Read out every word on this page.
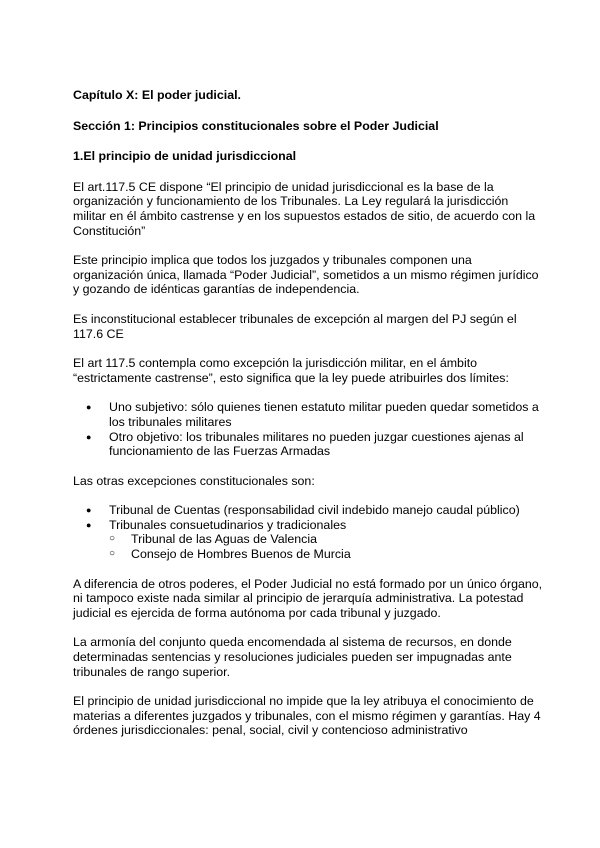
Capítulo X: El poder judicial.
Sección 1: Principios constitucionales sobre el Poder Judicial
1.El principio de unidad jurisdiccional

El art.117.5 CE dispone “El principio de unidad jurisdiccional es la base de la organización y funcionamiento de los Tribunales. La Ley regulará la jurisdicción militar en él ámbito castrense y en los supuestos estados de sitio, de acuerdo con la Constitución”

Este principio implica que todos los juzgados y tribunales componen una organización única, llamada “Poder Judicial”, sometidos a un mismo régimen jurídico y gozando de idénticas garantías de independencia.

Es inconstitucional establecer tribunales de excepción al margen del PJ según el 117.6 CE

El art 117.5 contempla como excepción la jurisdicción militar, en el ámbito “estrictamente castrense”, esto significa que la ley puede atribuirles dos límites:

● Uno subjetivo: sólo quienes tienen estatuto militar pueden quedar sometidos a los tribunales militares
● Otro objetivo: los tribunales militares no pueden juzgar cuestiones ajenas al funcionamiento de las Fuerzas Armadas

Las otras excepciones constitucionales son:

● Tribunal de Cuentas (responsabilidad civil indebido manejo caudal público)
● Tribunales consuetudinarios y tradicionales
○ Tribunal de las Aguas de Valencia
○ Consejo de Hombres Buenos de Murcia

A diferencia de otros poderes, el Poder Judicial no está formado por un único órgano, ni tampoco existe nada similar al principio de jerarquía administrativa. La potestad judicial es ejercida de forma autónoma por cada tribunal y juzgado.

La armonía del conjunto queda encomendada al sistema de recursos, en donde determinadas sentencias y resoluciones judiciales pueden ser impugnadas ante tribunales de rango superior.

El principio de unidad jurisdiccional no impide que la ley atribuya el conocimiento de materias a diferentes juzgados y tribunales, con el mismo régimen y garantías. Hay 4 órdenes jurisdiccionales: penal, social, civil y contencioso administrativo
